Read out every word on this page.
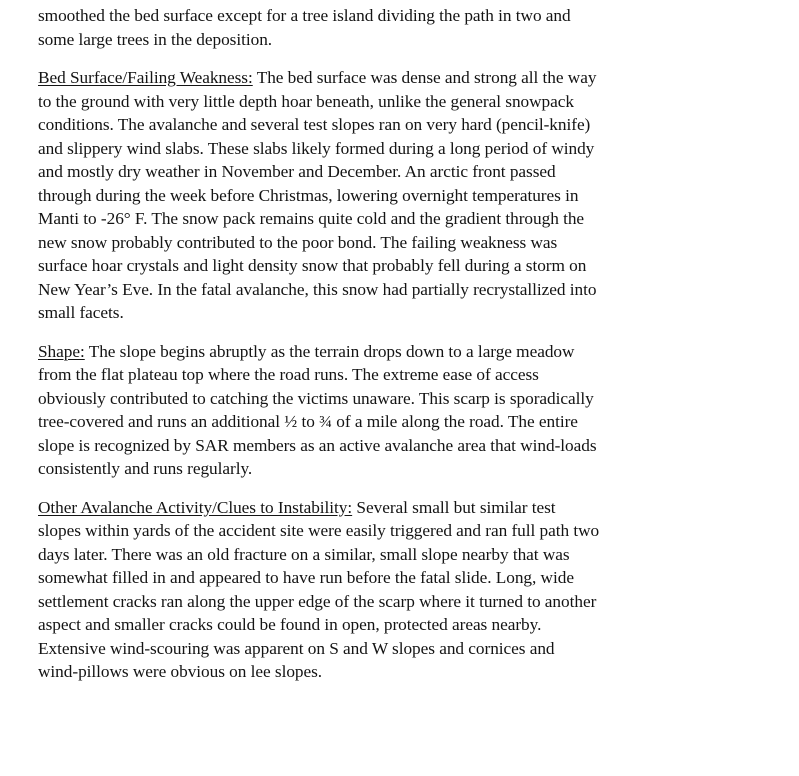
smoothed the bed surface except for a tree island dividing the path in two and
some large trees in the deposition.

Bed Surface/Failing Weakness: The bed surface was dense and strong all the way
to the ground with very little depth hoar beneath, unlike the general snowpack
conditions. The avalanche and several test slopes ran on very hard (pencil-knife)
and slippery wind slabs. These slabs likely formed during a long period of windy
and mostly dry weather in November and December. An arctic front passed
through during the week before Christmas, lowering overnight temperatures in
Manti to -26° F. The snow pack remains quite cold and the gradient through the
new snow probably contributed to the poor bond. The failing weakness was
surface hoar crystals and light density snow that probably fell during a storm on
New Year’s Eve. In the fatal avalanche, this snow had partially recrystallized into
small facets.

Shape: The slope begins abruptly as the terrain drops down to a large meadow
from the flat plateau top where the road runs. The extreme ease of access
obviously contributed to catching the victims unaware. This scarp is sporadically
tree-covered and runs an additional ½ to ¾ of a mile along the road. The entire
slope is recognized by SAR members as an active avalanche area that wind-loads
consistently and runs regularly.

Other Avalanche Activity/Clues to Instability: Several small but similar test
slopes within yards of the accident site were easily triggered and ran full path two
days later. There was an old fracture on a similar, small slope nearby that was
somewhat filled in and appeared to have run before the fatal slide. Long, wide
settlement cracks ran along the upper edge of the scarp where it turned to another
aspect and smaller cracks could be found in open, protected areas nearby.
Extensive wind-scouring was apparent on S and W slopes and cornices and
wind-pillows were obvious on lee slopes.
